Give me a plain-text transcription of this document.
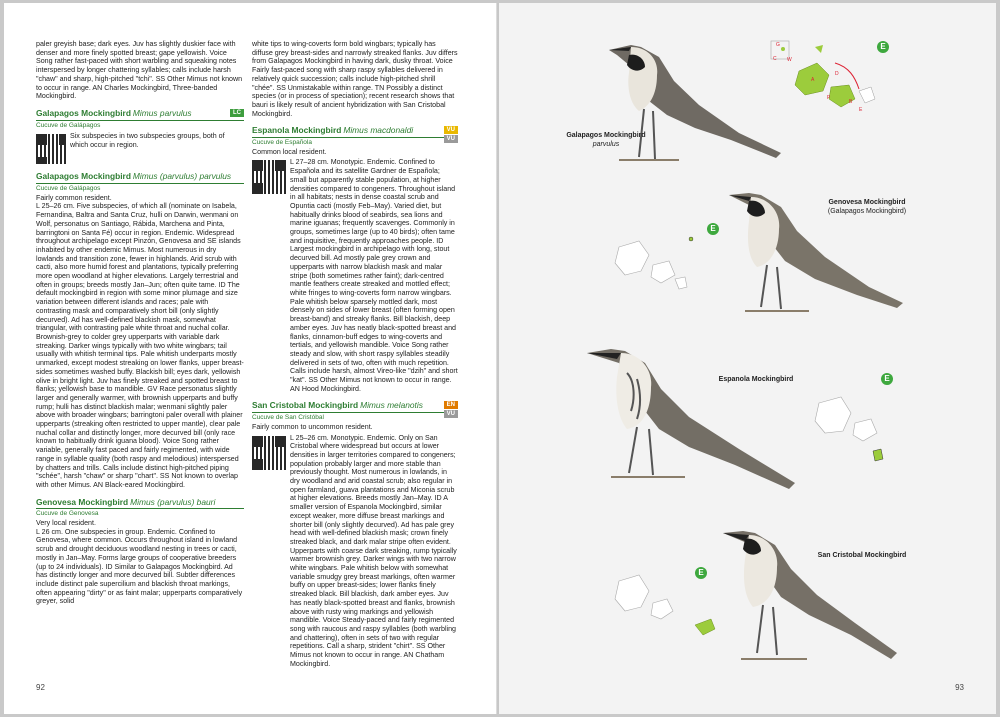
paler greyish base; dark eyes. Juv has slightly duskier face with denser and more finely spotted breast; gape yellowish. Voice Song rather fast-paced with short warbling and squeaking notes interspersed by longer chattering syllables; calls include harsh "chaw" and sharp, high-pitched "tchi". SS Other Mimus not known to occur in range. AN Charles Mockingbird, Three-banded Mockingbird.

Galapagos Mockingbird Mimus parvulus	LC
Cucuve de Galápagos

Six subspecies in two subspecies groups, both of which occur in region.

Galapagos Mockingbird Mimus (parvulus) parvulus
Cucuve de Galápagos

Fairly common resident.

L 25–26 cm. Five subspecies, of which all (nominate on Isabela, Fernandina, Baltra and Santa Cruz, hulli on Darwin, wenmani on Wolf, personatus on Santiago, Rábida, Marchena and Pinta, barringtoni on Santa Fé) occur in region. Endemic. Widespread throughout archipelago except Pinzón, Genovesa and SE islands inhabited by other endemic Mimus. Most numerous in dry lowlands and transition zone, fewer in highlands. Arid scrub with cacti, also more humid forest and plantations, typically preferring more open woodland at higher elevations. Largely terrestrial and often in groups; breeds mostly Jan–Jun; often quite tame. ID The default mockingbird in region with some minor plumage and size variation between different islands and races; pale with contrasting mask and comparatively short bill (only slightly decurved). Ad has well-defined blackish mask, somewhat triangular, with contrasting pale white throat and nuchal collar. Brownish-grey to colder grey upperparts with variable dark streaking. Darker wings typically with two white wingbars; tail usually with whitish terminal tips. Pale whitish underparts mostly unmarked, except modest streaking on lower flanks, upper breast-sides sometimes washed buffy. Blackish bill; eyes dark, yellowish olive in bright light. Juv has finely streaked and spotted breast to flanks; yellowish base to mandible. GV Race personatus slightly larger and generally warmer, with brownish upperparts and buffy rump; hulli has distinct blackish malar; wenmani slightly paler above with broader wingbars; barringtoni paler overall with plainer upperparts (streaking often restricted to upper mantle), clear pale nuchal collar and distinctly longer, more decurved bill (only race known to habitually drink iguana blood). Voice Song rather variable, generally fast paced and fairly regimented, with wide range in syllable quality (both raspy and melodious) interspersed by chatters and trills. Calls include distinct high-pitched piping "schée", harsh "chaw" or sharp "chart". SS Not known to overlap with other Mimus. AN Black-eared Mockingbird.

Genovesa Mockingbird Mimus (parvulus) bauri
Cucuve de Genovesa

Very local resident.

L 26 cm. One subspecies in group. Endemic. Confined to Genovesa, where common. Occurs throughout island in lowland scrub and drought deciduous woodland nesting in trees or cacti, mostly in Jan–May. Forms large groups of cooperative breeders (up to 24 individuals). ID Similar to Galapagos Mockingbird. Ad has distinctly longer and more decurved bill. Subtler differences include distinct pale supercilium and blackish throat markings, often appearing "dirty" or as faint malar; upperparts comparatively greyer, solid

white tips to wing-coverts form bold wingbars; typically has diffuse grey breast-sides and narrowly streaked flanks. Juv differs from Galapagos Mockingbird in having dark, dusky throat. Voice Fairly fast-paced song with sharp raspy syllables delivered in relatively quick succession; calls include high-pitched shrill "chée". SS Unmistakable within range. TN Possibly a distinct species (or in process of speciation); recent research shows that bauri is likely result of ancient hybridization with San Cristobal Mockingbird.

Espanola Mockingbird Mimus macdonaldi	VU
VU
Cucuve de Española

Common local resident.

L 27–28 cm. Monotypic. Endemic. Confined to Española and its satellite Gardner de Española; small but apparently stable population, at higher densities compared to congeners. Throughout island in all habitats; nests in dense coastal scrub and Opuntia cacti (mostly Feb–May). Varied diet, but habitually drinks blood of seabirds, sea lions and marine iguanas; frequently scavenges. Commonly in groups, sometimes large (up to 40 birds); often tame and inquisitive, frequently approaches people. ID Largest mockingbird in archipelago with long, stout decurved bill. Ad mostly pale grey crown and upperparts with narrow blackish mask and malar stripe (both sometimes rather faint); dark-centred mantle feathers create streaked and mottled effect; white fringes to wing-coverts form narrow wingbars. Pale whitish below sparsely mottled dark, most densely on sides of lower breast (often forming open breast-band) and streaky flanks. Bill blackish, deep amber eyes. Juv has neatly black-spotted breast and flanks, cinnamon-buff edges to wing-coverts and tertials, and yellowish mandible. Voice Song rather steady and slow, with short raspy syllables steadily delivered in sets of two, often with much repetition. Calls include harsh, almost Vireo-like "dzih" and short "kat". SS Other Mimus not known to occur in range. AN Hood Mockingbird.

San Cristobal Mockingbird Mimus melanotis	EN
VU
Cucuve de San Cristóbal

Fairly common to uncommon resident.

L 25–26 cm. Monotypic. Endemic. Only on San Cristobal where widespread but occurs at lower densities in larger territories compared to congeners; population probably larger and more stable than previously thought. Most numerous in lowlands, in dry woodland and arid coastal scrub; also regular in open farmland, guava plantations and Miconia scrub at higher elevations. Breeds mostly Jan–May. ID A smaller version of Espanola Mockingbird, similar except weaker, more diffuse breast markings and shorter bill (only slightly decurved). Ad has pale grey head with well-defined blackish mask; crown finely streaked black, and dark malar stripe often evident. Upperparts with coarse dark streaking, rump typically warmer brownish grey. Darker wings with two narrow white wingbars. Pale whitish below with somewhat variable smudgy grey breast markings, often warmer buffy on upper breast-sides; lower flanks finely streaked black. Bill blackish, dark amber eyes. Juv has neatly black-spotted breast and flanks, brownish above with rusty wing markings and yellowish mandible. Voice Steady-paced and fairly regimented song with raucous and raspy syllables (both warbling and chattering), often in sets of two with regular repetitions. Call a sharp, strident "chirt". SS Other Mimus not known to occur in range. AN Chatham Mockingbird.

92
G
C
D
A
E
P
B
W
Galapagos Mockingbird
parvulus
Genovesa Mockingbird
(Galapagos Mockingbird)
Espanola Mockingbird
San Cristobal Mockingbird
E
E
E
E
93
